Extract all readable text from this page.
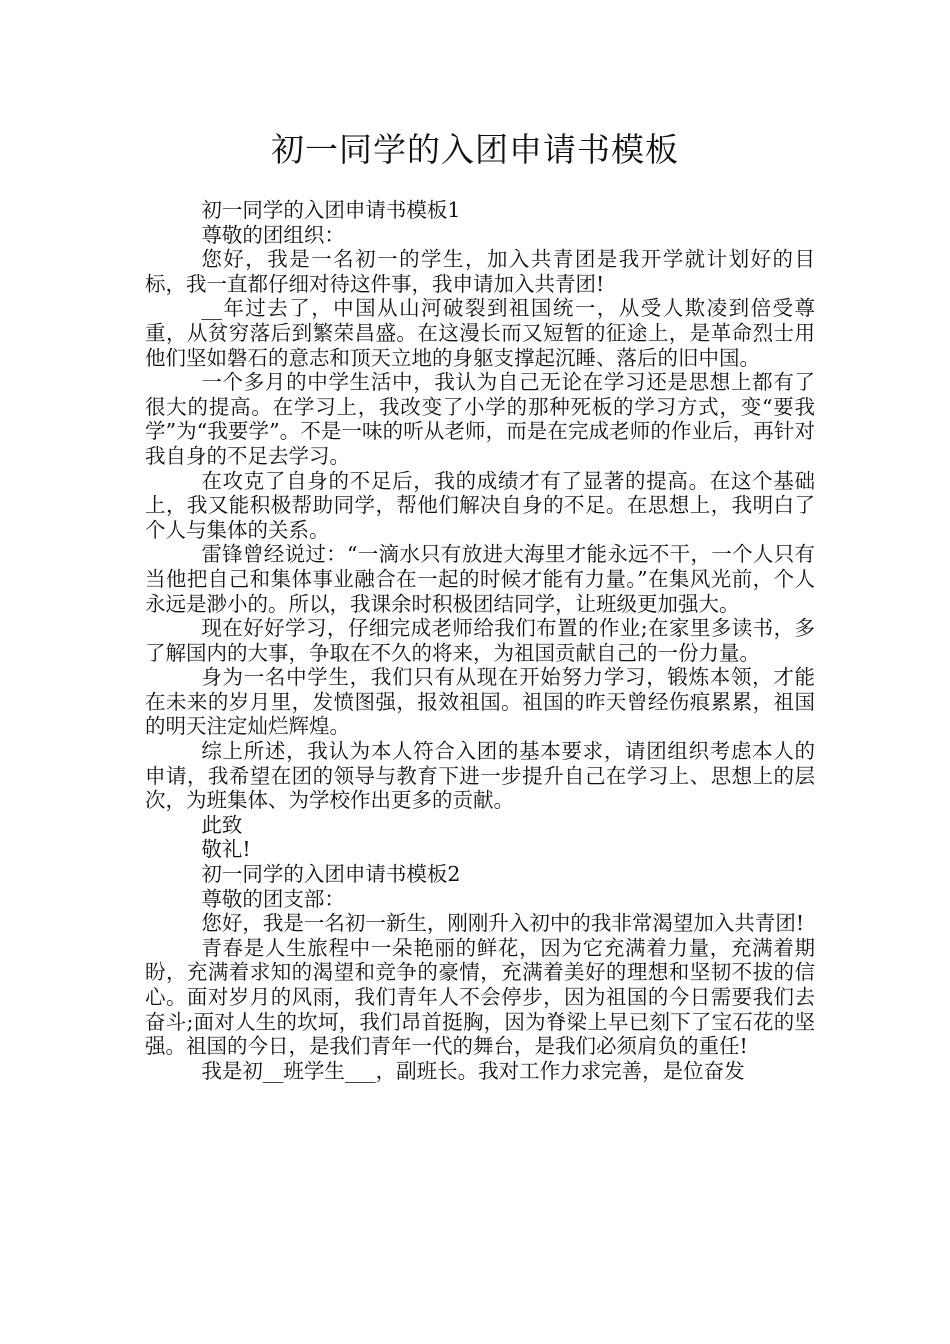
初一同学的入团申请书模板

初一同学的入团申请书模板1

尊敬的团组织：

您好，我是一名初一的学生，加入共青团是我开学就计划好的目标，我一直都仔细对待这件事，我申请加入共青团!

__年过去了，中国从山河破裂到祖国统一，从受人欺凌到倍受尊重，从贫穷落后到繁荣昌盛。在这漫长而又短暂的征途上，是革命烈士用他们坚如磐石的意志和顶天立地的身躯支撑起沉睡、落后的旧中国。

一个多月的中学生活中，我认为自己无论在学习还是思想上都有了很大的提高。在学习上，我改变了小学的那种死板的学习方式，变“要我学”为“我要学”。不是一味的听从老师，而是在完成老师的作业后，再针对我自身的不足去学习。

在攻克了自身的不足后，我的成绩才有了显著的提高。在这个基础上，我又能积极帮助同学，帮他们解决自身的不足。在思想上，我明白了个人与集体的关系。

雷锋曾经说过：“一滴水只有放进大海里才能永远不干，一个人只有当他把自己和集体事业融合在一起的时候才能有力量。”在集风光前，个人永远是渺小的。所以，我课余时积极团结同学，让班级更加强大。

现在好好学习，仔细完成老师给我们布置的作业;在家里多读书，多了解国内的大事，争取在不久的将来，为祖国贡献自己的一份力量。

身为一名中学生，我们只有从现在开始努力学习，锻炼本领，才能在未来的岁月里，发愤图强，报效祖国。祖国的昨天曾经伤痕累累，祖国的明天注定灿烂辉煌。

综上所述，我认为本人符合入团的基本要求，请团组织考虑本人的申请，我希望在团的领导与教育下进一步提升自己在学习上、思想上的层次，为班集体、为学校作出更多的贡献。

此致

敬礼!

初一同学的入团申请书模板2

尊敬的团支部：

您好，我是一名初一新生，刚刚升入初中的我非常渴望加入共青团!

青春是人生旅程中一朵艳丽的鲜花，因为它充满着力量，充满着期盼，充满着求知的渴望和竞争的豪情，充满着美好的理想和坚韧不拔的信心。面对岁月的风雨，我们青年人不会停步，因为祖国的今日需要我们去奋斗;面对人生的坎坷，我们昂首挺胸，因为脊梁上早已刻下了宝石花的坚强。祖国的今日，是我们青年一代的舞台，是我们必须肩负的重任!

我是初__班学生___，副班长。我对工作力求完善，是位奋发
